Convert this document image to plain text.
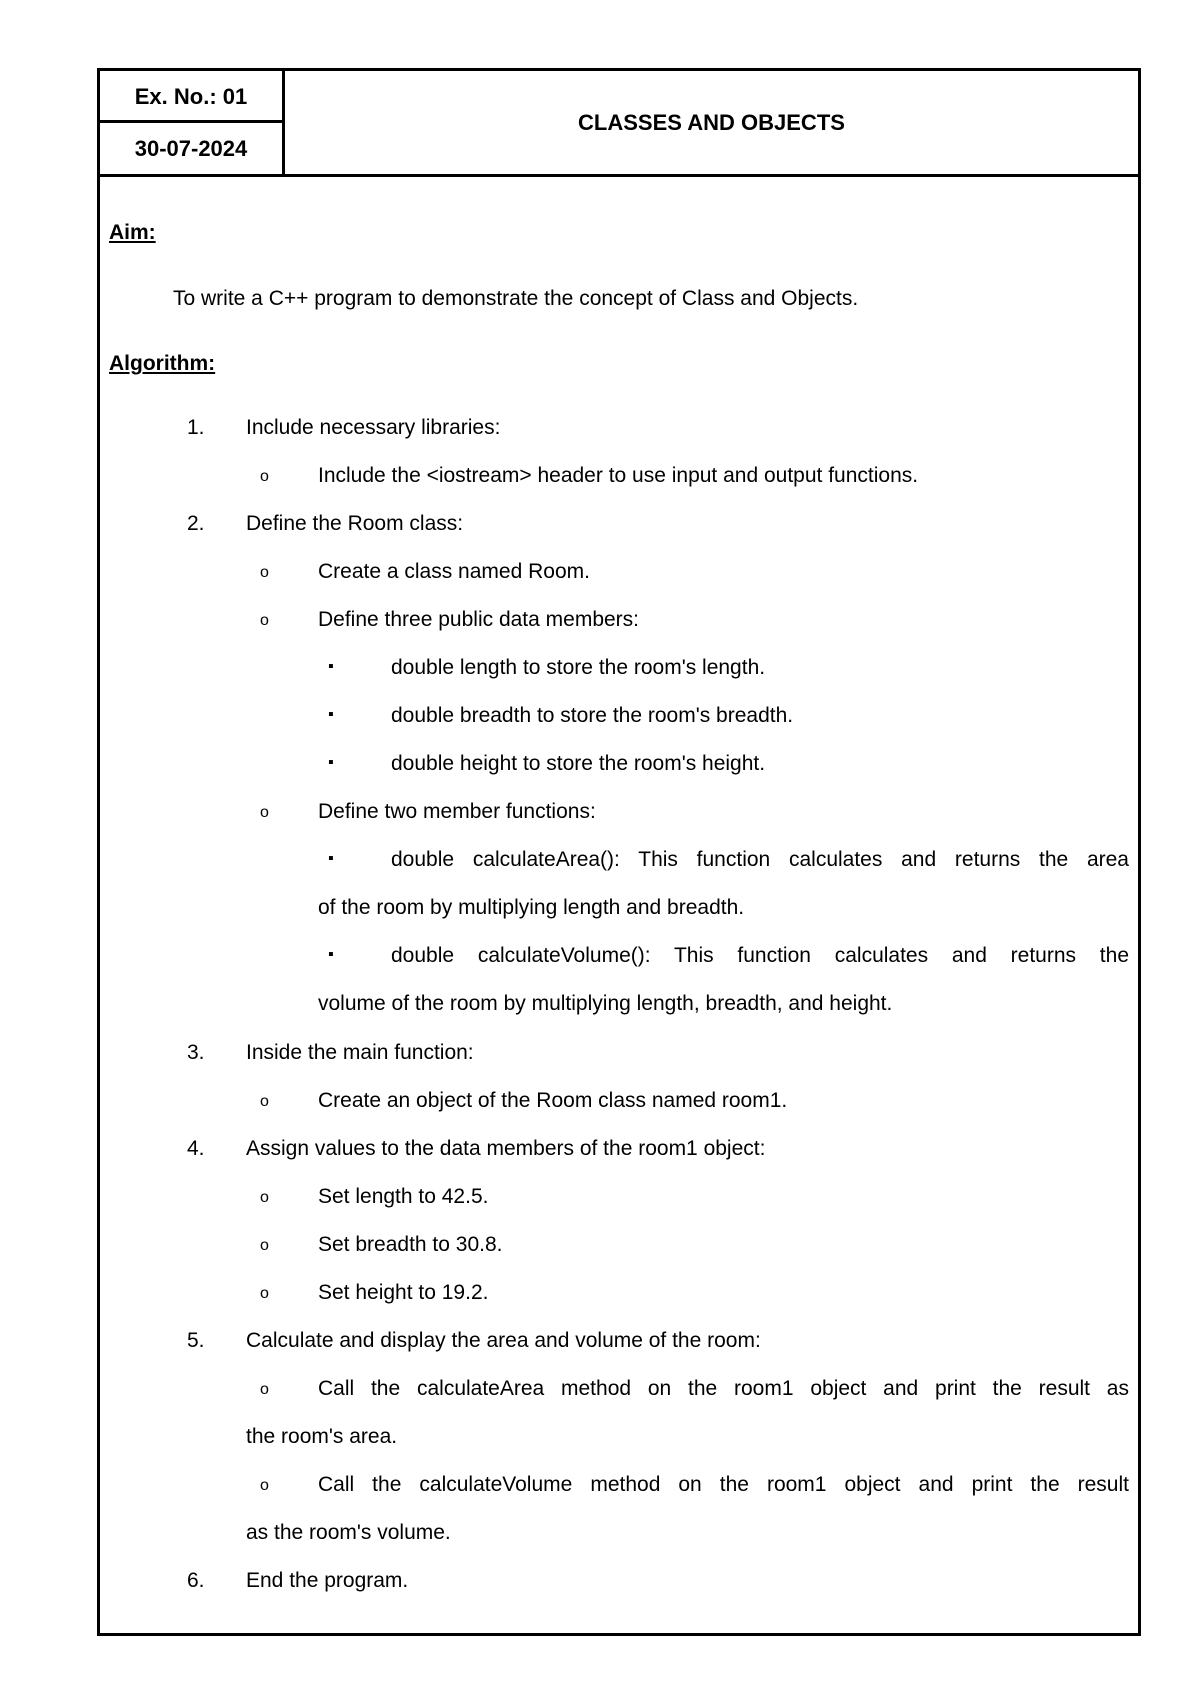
Ex. No.: 01
30-07-2024
CLASSES AND OBJECTS
Aim:
To write a C++ program to demonstrate the concept of Class and Objects.
Algorithm:
1. Include necessary libraries:
o Include the <iostream> header to use input and output functions.
2. Define the Room class:
o Create a class named Room.
o Define three public data members:
▪	double length to store the room's length.
▪	double breadth to store the room's breadth.
▪	double height to store the room's height.
o Define two member functions:
▪	double calculateArea(): This function calculates and returns the area
of the room by multiplying length and breadth.
▪	double calculateVolume(): This function calculates and returns the
volume of the room by multiplying length, breadth, and height.
3. Inside the main function:
o Create an object of the Room class named room1.
4. Assign values to the data members of the room1 object:
o Set length to 42.5.
o Set breadth to 30.8.
o Set height to 19.2.
5. Calculate and display the area and volume of the room:
o Call the calculateArea method on the room1 object and print the result as
the room's area.
o Call the calculateVolume method on the room1 object and print the result
as the room's volume.
6. End the program.
